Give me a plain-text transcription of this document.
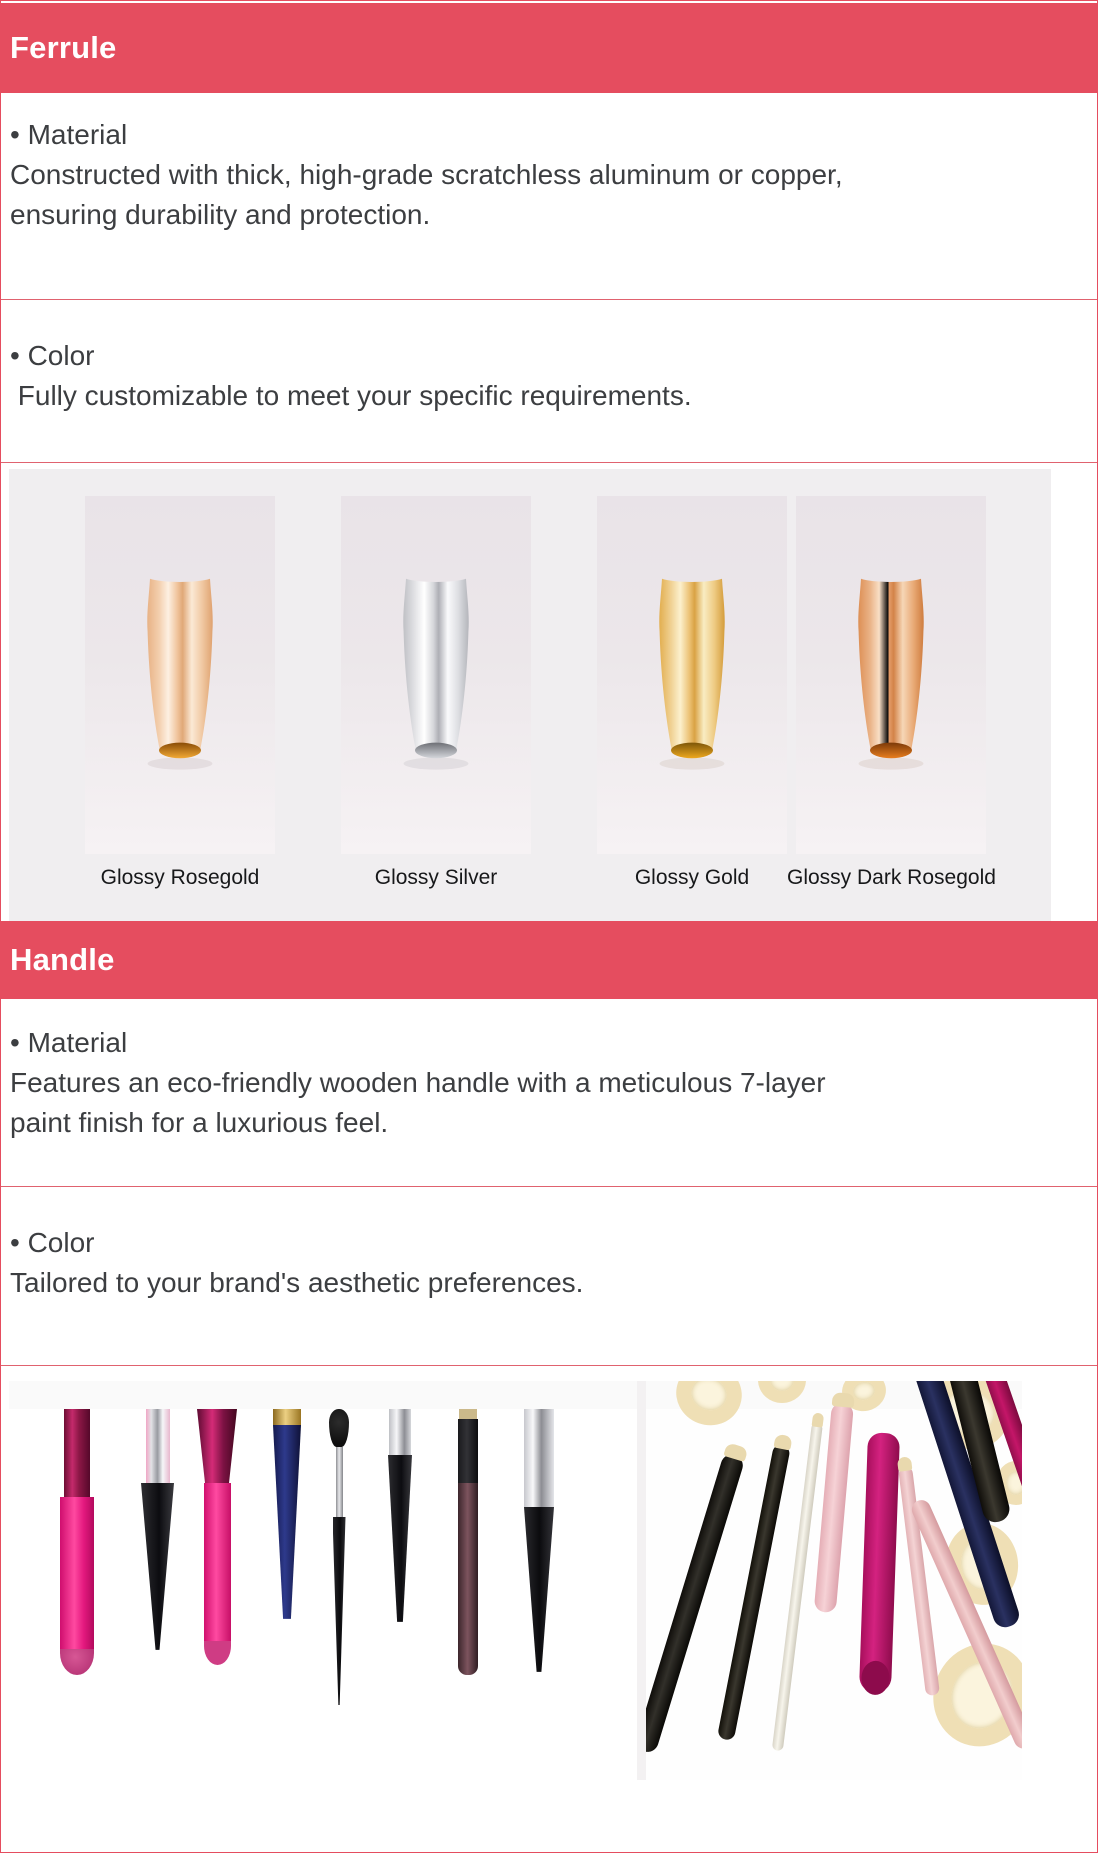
Ferrule

• Material

Constructed with thick, high-grade scratchless aluminum or copper, ensuring durability and protection.

• Color

Fully customizable to meet your specific requirements.

Glossy Rosegold	Glossy Silver	Glossy Gold Glossy Dark Rosegold
Handle

• Material

Features an eco-friendly wooden handle with a meticulous 7-layer paint finish for a luxurious feel.

• Color

Tailored to your brand's aesthetic preferences.
